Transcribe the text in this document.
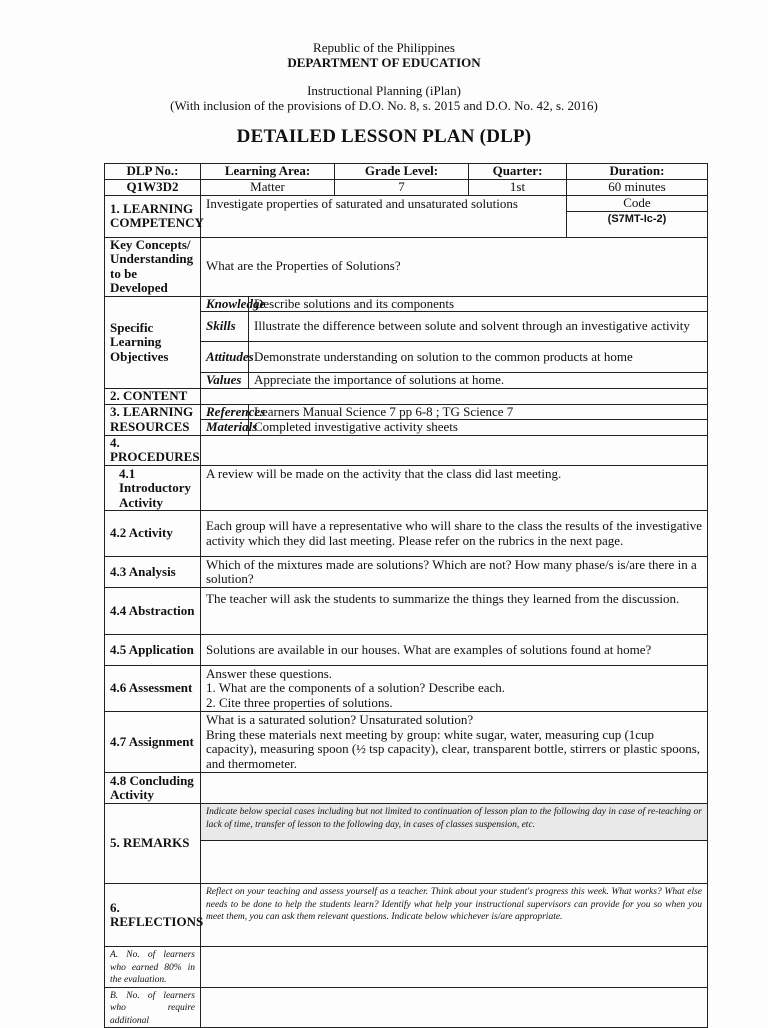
Republic of the Philippines
DEPARTMENT OF EDUCATION
Instructional Planning (iPlan)
(With inclusion of the provisions of D.O. No. 8, s. 2015 and D.O. No. 42, s. 2016)
DETAILED LESSON PLAN (DLP)
DLP No.:	Learning Area:		Grade Level:	Quarter:	Duration:
Q1W3D2	Matter		7	1st	60 minutes
1. LEARNING COMPETENCY	Investigate properties of saturated and unsaturated solutions				Code
					(S7MT-Ic-2)
Key Concepts/ Understanding to be Developed	What are the Properties of Solutions?				
Specific Learning Objectives	Knowledge	Describe solutions and its components			
	Skills	Illustrate the difference between solute and solvent through an investigative activity			
	Attitudes	Demonstrate understanding on solution to the common products at home			
	Values	Appreciate the importance of solutions at home.			
2. CONTENT					
3. LEARNING RESOURCES	References	Learners Manual Science 7 pp 6-8 ; TG Science 7			
	Materials	Completed investigative activity sheets			
4. PROCEDURES					
4.1 Introductory Activity	A review will be made on the activity that the class did last meeting.				
4.2 Activity	Each group will have a representative who will share to the class the results of the investigative activity which they did last meeting. Please refer on the rubrics in the next page.				
4.3 Analysis	Which of the mixtures made are solutions? Which are not? How many phase/s is/are there in a solution?				
4.4 Abstraction	The teacher will ask the students to summarize the things they learned from the discussion.				
4.5 Application	Solutions are available in our houses. What are examples of solutions found at home?				
4.6 Assessment	Answer these questions.
1. What are the components of a solution? Describe each.
2. Cite three properties of solutions.				

4.7 Assignment	What is a saturated solution? Unsaturated solution?
Bring these materials next meeting by group: white sugar, water, measuring cup (1cup capacity), measuring spoon (½ tsp capacity), clear, transparent bottle, stirrers or plastic spoons, and thermometer.				

4.8 Concluding Activity					
5. REMARKS	Indicate below special cases including but not limited to continuation of lesson plan to the following day in case of re-teaching or lack of time, transfer of lesson to the following day, in cases of classes suspension, etc.				

6. REFLECTIONS	Reflect on your teaching and assess yourself as a teacher. Think about your student's progress this week. What works? What else needs to be done to help the students learn? Identify what help your instructional supervisors can provide for you so when you meet them, you can ask them relevant questions. Indicate below whichever is/are appropriate.				
A. No. of learners who earned 80% in the evaluation.					
B. No. of learners who require additional					
